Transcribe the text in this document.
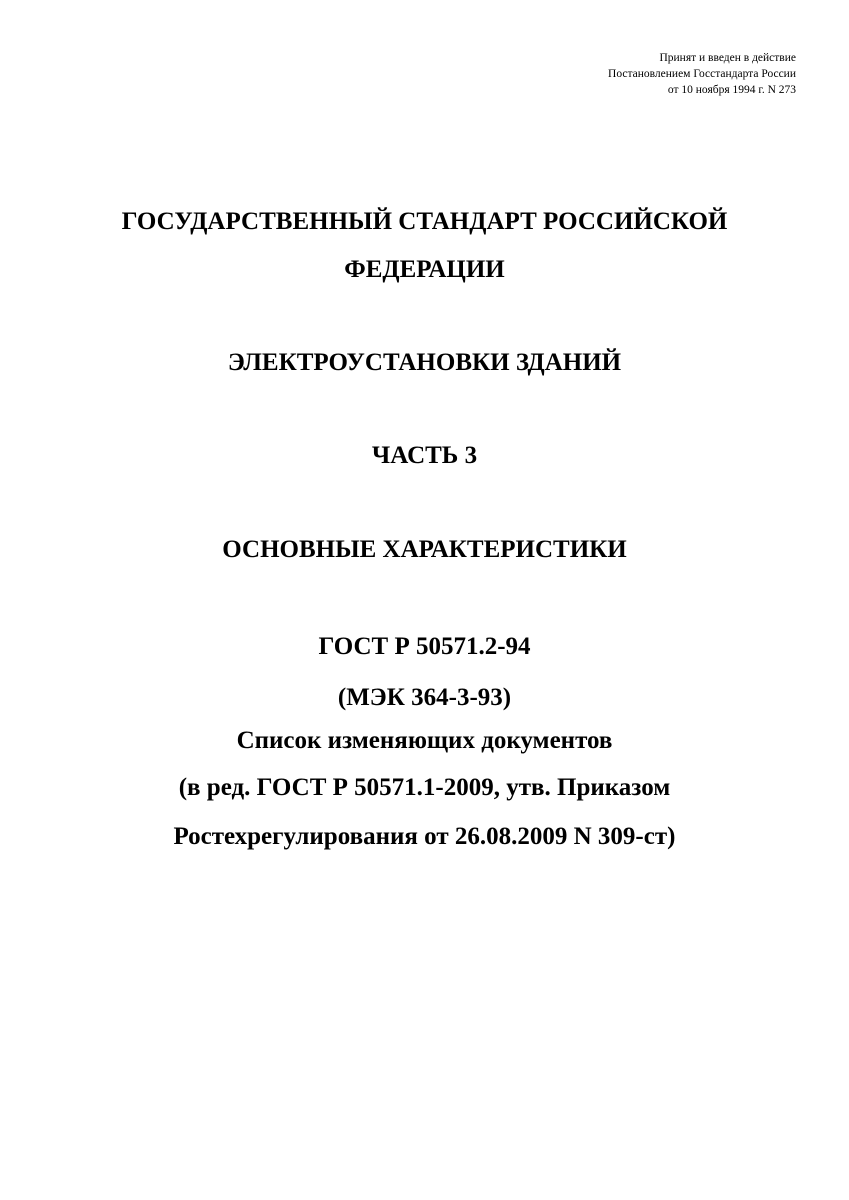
Принят и введен в действие
Постановлением Госстандарта России
от 10 ноября 1994 г. N 273
ГОСУДАРСТВЕННЫЙ СТАНДАРТ РОССИЙСКОЙ
ФЕДЕРАЦИИ
ЭЛЕКТРОУСТАНОВКИ ЗДАНИЙ
ЧАСТЬ 3
ОСНОВНЫЕ ХАРАКТЕРИСТИКИ
ГОСТ Р 50571.2-94
(МЭК 364-3-93)
Список изменяющих документов
(в ред. ГОСТ Р 50571.1-2009, утв. Приказом
Ростехрегулирования от 26.08.2009 N 309-ст)
